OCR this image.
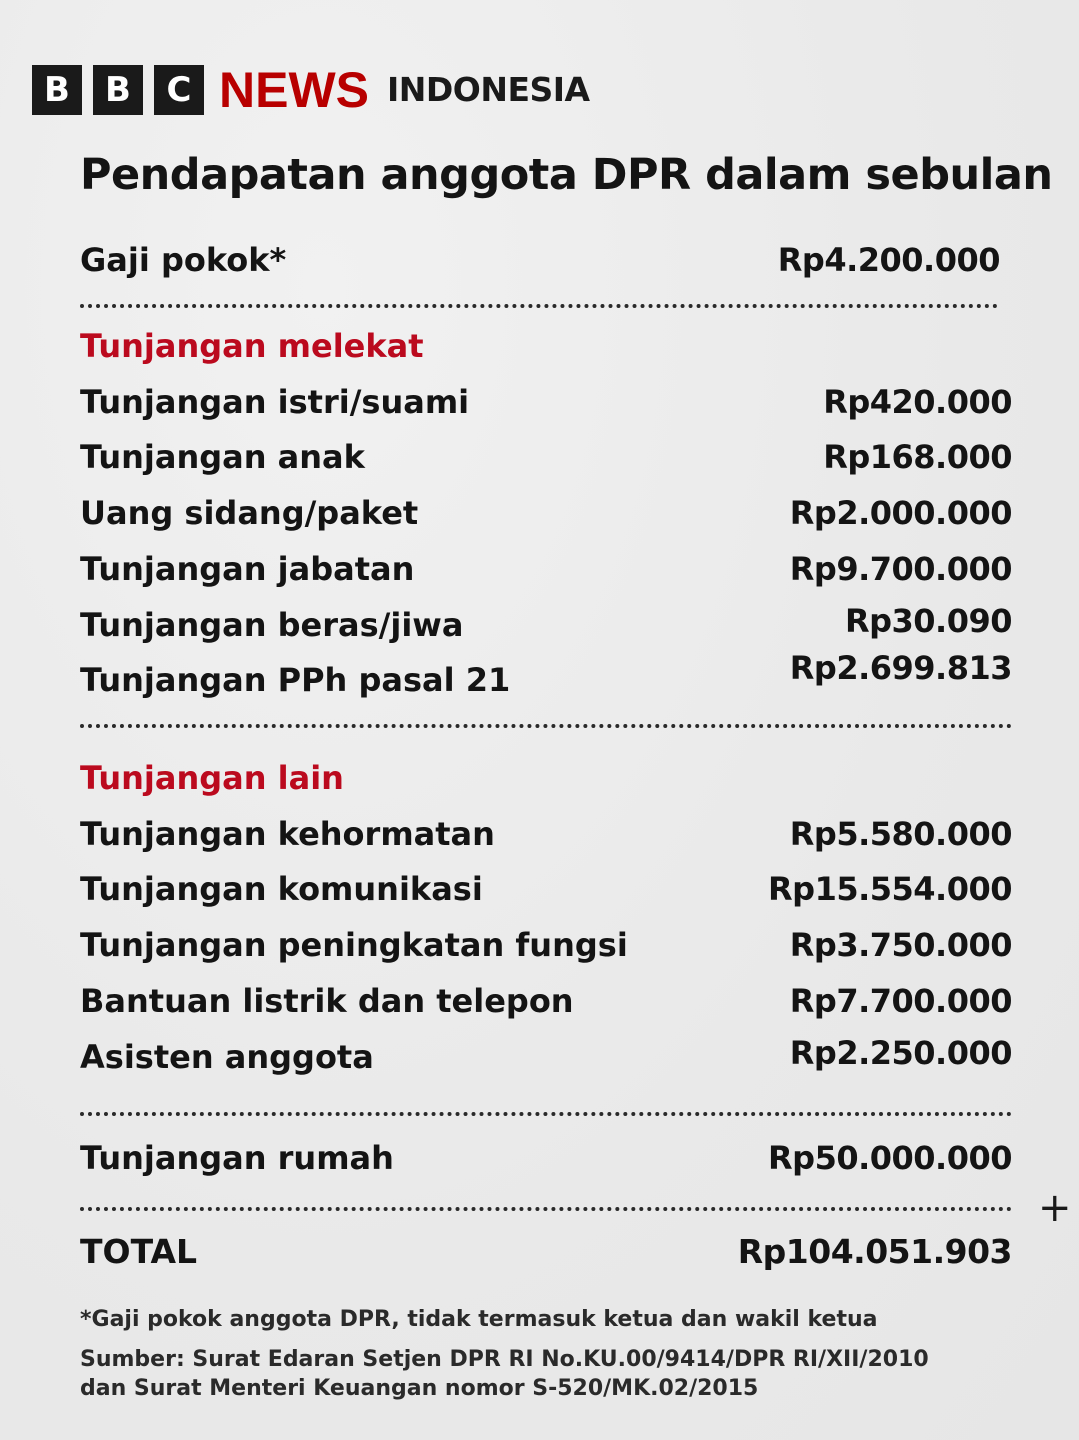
B	B	C NEWS INDONESIA
Pendapatan anggota DPR dalam sebulan
Gaji pokok*	Rp4.200.000
Tunjangan melekat
Tunjangan istri/suami	Rp420.000
Tunjangan anak	Rp168.000
Uang sidang/paket	Rp2.000.000
Tunjangan jabatan	Rp9.700.000
Tunjangan beras/jiwa	Rp30.090
Tunjangan PPh pasal 21	Rp2.699.813
Tunjangan lain
Tunjangan kehormatan	Rp5.580.000
Tunjangan komunikasi	Rp15.554.000
Tunjangan peningkatan fungsi	Rp3.750.000
Bantuan listrik dan telepon	Rp7.700.000
Asisten anggota	Rp2.250.000
Tunjangan rumah	Rp50.000.000
+
TOTAL	Rp104.051.903
*Gaji pokok anggota DPR, tidak termasuk ketua dan wakil ketua
Sumber: Surat Edaran Setjen DPR RI No.KU.00/9414/DPR RI/XII/2010
dan Surat Menteri Keuangan nomor S-520/MK.02/2015
